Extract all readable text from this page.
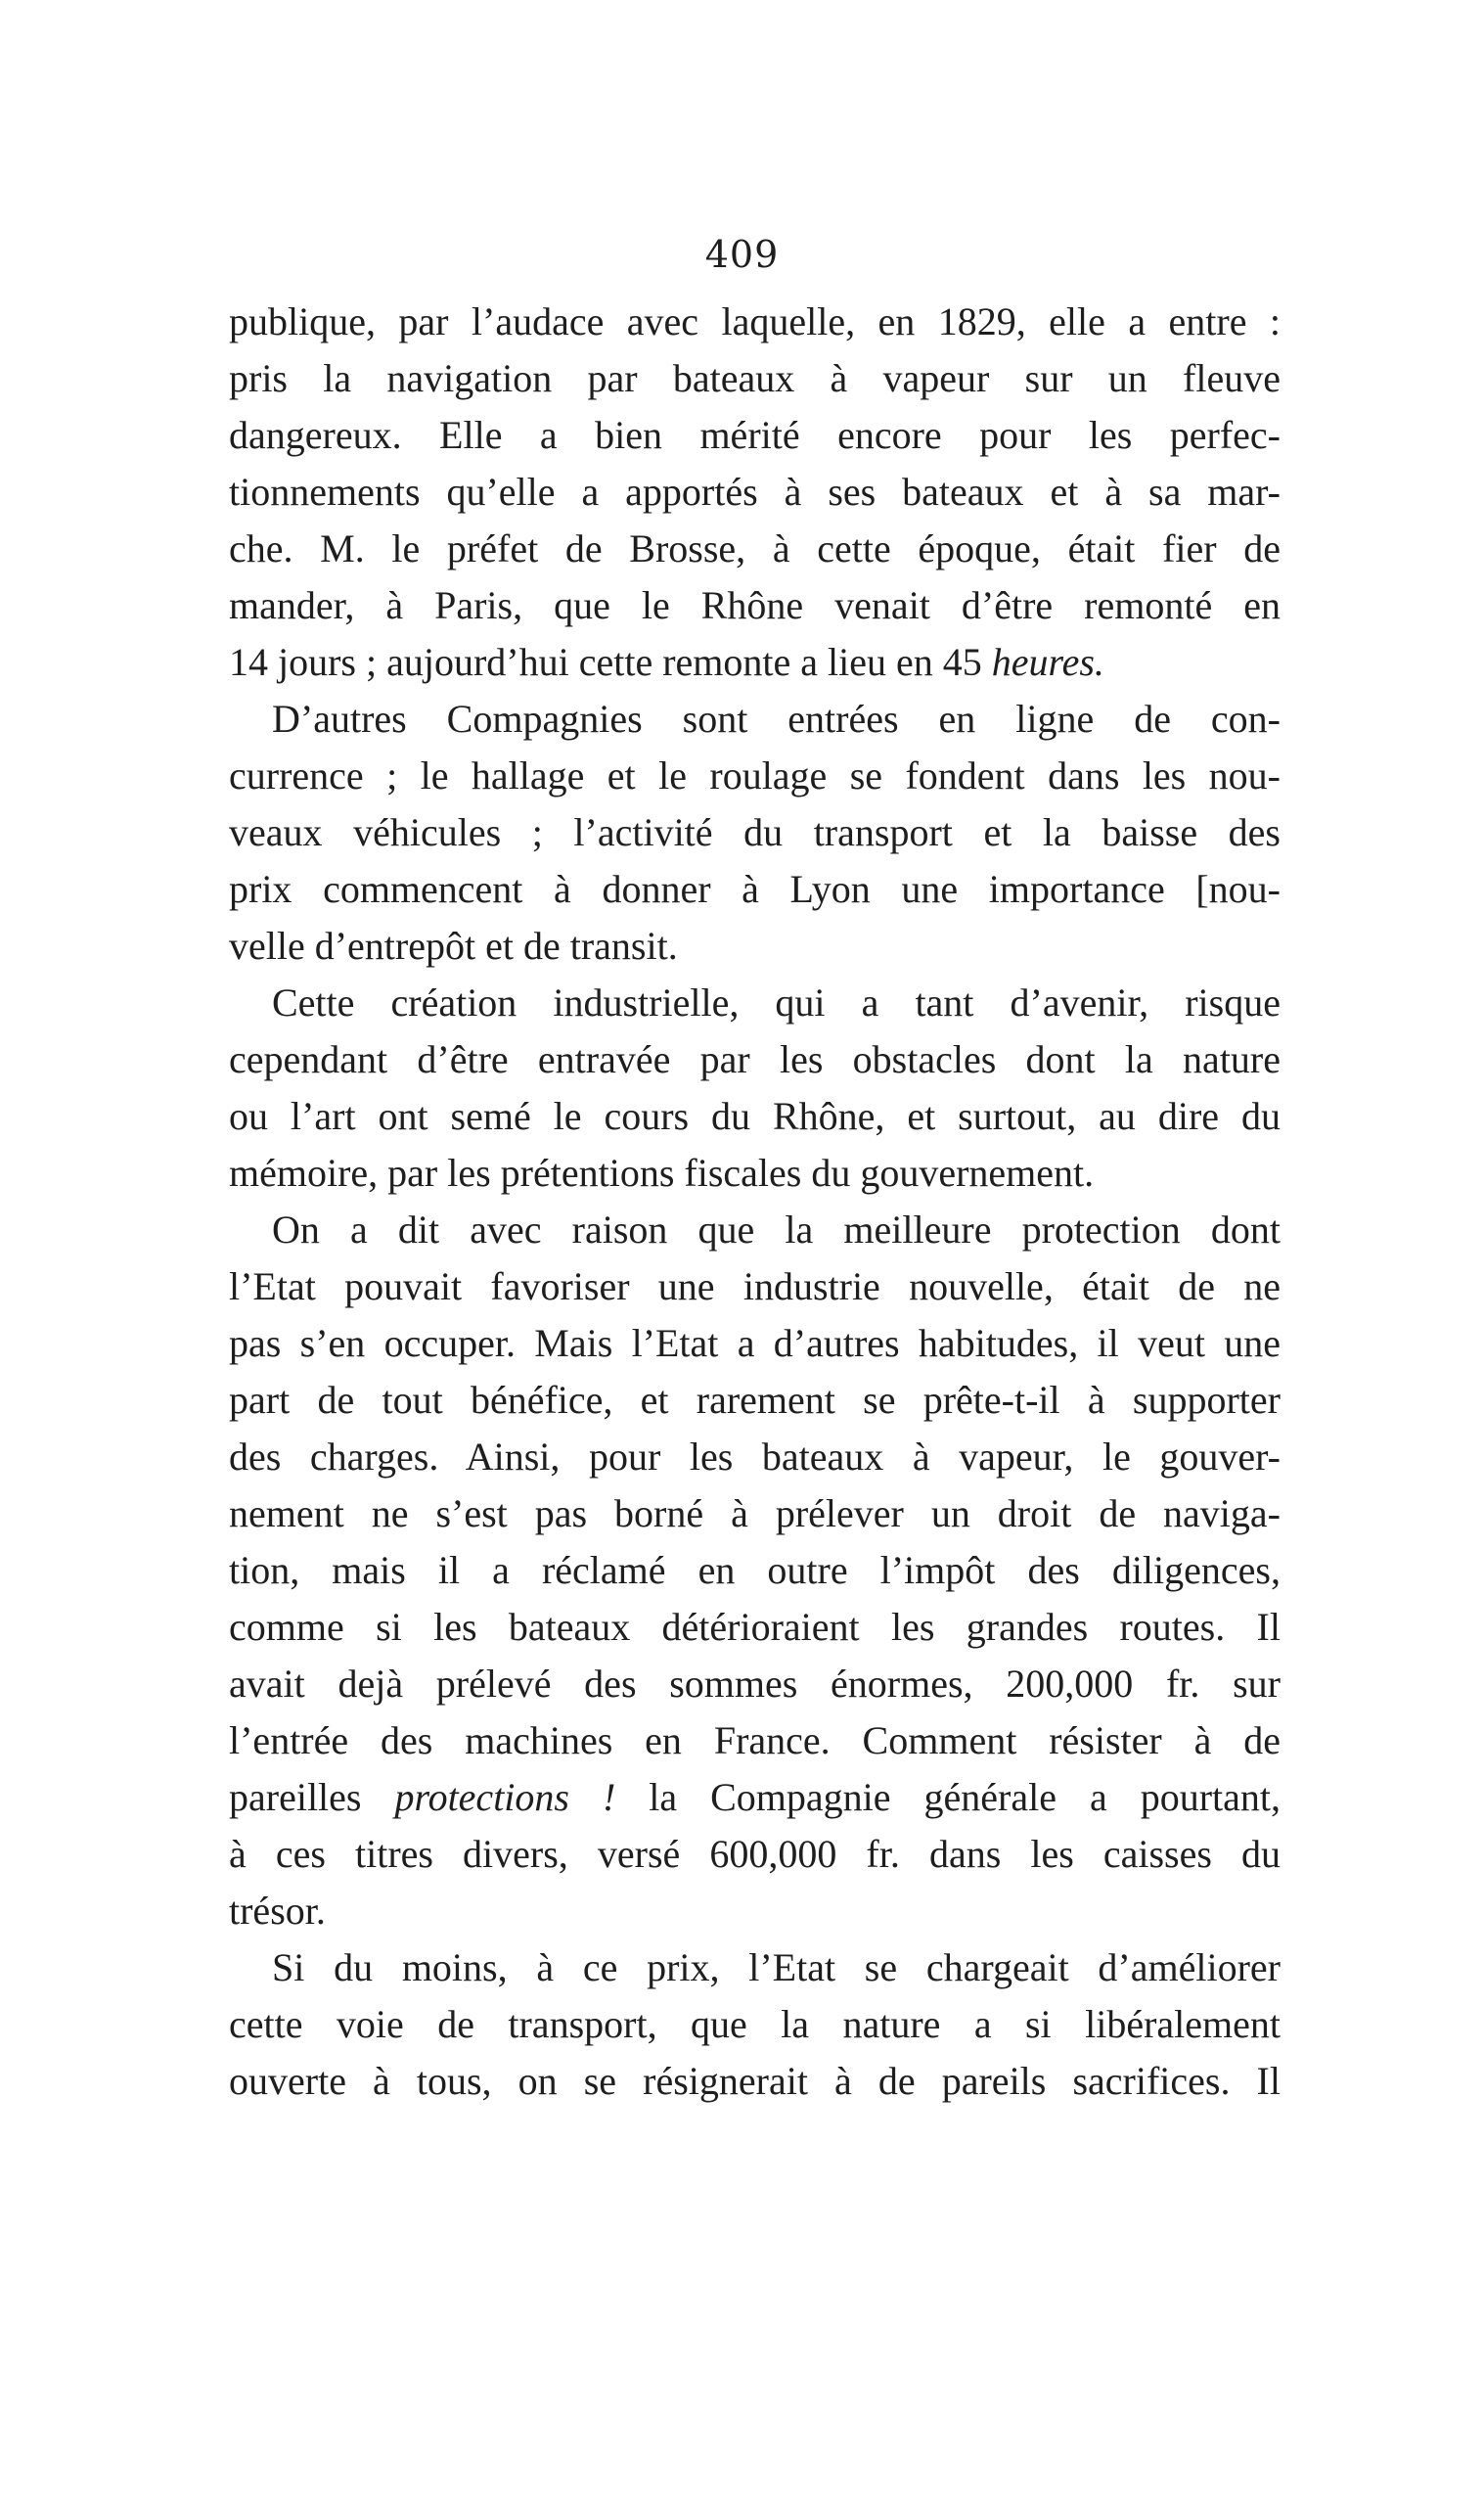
409
publique, par l’audace avec laquelle, en 1829, elle a entre :
pris la navigation par bateaux à vapeur sur un fleuve
dangereux. Elle a bien mérité encore pour les perfec-
tionnements qu’elle a apportés à ses bateaux et à sa mar-
che. M. le préfet de Brosse, à cette époque, était fier de
mander, à Paris, que le Rhône venait d’être remonté en
14 jours ; aujourd’hui cette remonte a lieu en 45 heures.
D’autres Compagnies sont entrées en ligne de con-
currence ; le hallage et le roulage se fondent dans les nou-
veaux véhicules ; l’activité du transport et la baisse des
prix commencent à donner à Lyon une importance [nou-
velle d’entrepôt et de transit.
Cette création industrielle, qui a tant d’avenir, risque
cependant d’être entravée par les obstacles dont la nature
ou l’art ont semé le cours du Rhône, et surtout, au dire du
mémoire, par les prétentions fiscales du gouvernement.
On a dit avec raison que la meilleure protection dont
l’Etat pouvait favoriser une industrie nouvelle, était de ne
pas s’en occuper. Mais l’Etat a d’autres habitudes, il veut une
part de tout bénéfice, et rarement se prête-t-il à supporter
des charges. Ainsi, pour les bateaux à vapeur, le gouver-
nement ne s’est pas borné à prélever un droit de naviga-
tion, mais il a réclamé en outre l’impôt des diligences,
comme si les bateaux détérioraient les grandes routes. Il
avait dejà prélevé des sommes énormes, 200,000 fr. sur
l’entrée des machines en France. Comment résister à de
pareilles protections ! la Compagnie générale a pourtant,
à ces titres divers, versé 600,000 fr. dans les caisses du
trésor.
Si du moins, à ce prix, l’Etat se chargeait d’améliorer
cette voie de transport, que la nature a si libéralement
ouverte à tous, on se résignerait à de pareils sacrifices. Il
